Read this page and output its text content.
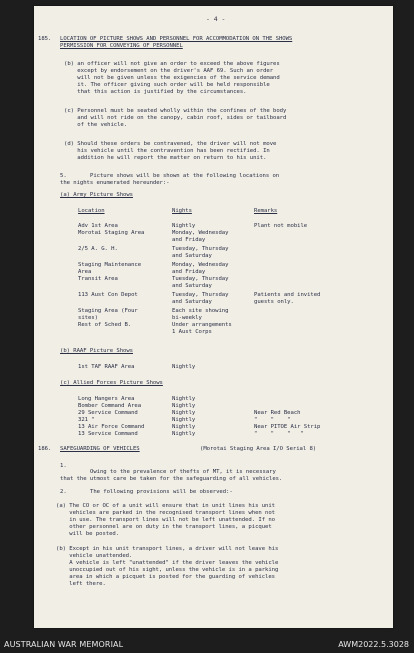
- 4 -

185. LOCATION OF PICTURE SHOWS AND PERSONNEL FOR ACCOMMODATION ON THE SHOWS

PERMISSION FOR CONVEYING OF PERSONNEL

(b) an officer will not give an order to exceed the above figures

except by endorsement on the driver's AAF 69. Such an order

will not be given unless the exigencies of the service demand

it. The officer giving such order will be held responsible

that this action is justified by the circumstances.

(c) Personnel must be seated wholly within the confines of the body

and will not ride on the canopy, cabin roof, sides or tailboard

of the vehicle.

(d) Should these orders be contravened, the driver will not move

his vehicle until the contravention has been rectified. In

addition he will report the matter on return to his unit.

5.	Picture shows will be shown at the following locations on

the nights enumerated hereunder:-

(a) Army Picture Shows

Location	Nights	Remarks

Adv 1st Area	Nightly	Plant not mobile

Morotai Staging Area	Monday, Wednesday

and Friday

2/5 A. G. H.	Tuesday, Thursday

and Saturday

Staging Maintenance	Monday, Wednesday

Area	and Friday

Transit Area	Tuesday, Thursday

and Saturday

113 Aust Con Depot	Tuesday, Thursday	Patients and invited

and Saturday	guests only.

Staging Area (Four	Each site showing

sites)	bi-weekly

Rest of Sched B.	Under arrangements

1 Aust Corps

(b) RAAF Picture Shows

1st TAF RAAF Area	Nightly

(c) Allied Forces Picture Shows

Long Hangers Area	Nightly

Bomber Command Area	Nightly

29 Service Command	Nightly	Near Red Beach

321 "	Nightly	"    "    "

13 Air Force Command	Nightly	Near PITOE Air Strip

13 Service Command	Nightly	"    "    "   "

186. SAFEGUARDING OF VEHICLES	(Morotai Staging Area I/O Serial 8)

1.

Owing to the prevalence of thefts of MT, it is necessary

that the utmost care be taken for the safeguarding of all vehicles.

2.	The following provisions will be observed:-

(a) The CO or OC of a unit will ensure that in unit lines his unit

vehicles are parked in the recognised transport lines when not

in use. The transport lines will not be left unattended. If no

other personnel are on duty in the transport lines, a picquet

will be posted.

(b) Except in his unit transport lines, a driver will not leave his

vehicle unattended.

A vehicle is left "unattended" if the driver leaves the vehicle

unoccupied out of his sight, unless the vehicle is in a parking

area in which a picquet is posted for the guarding of vehicles

left there.

AUSTRALIAN WAR MEMORIAL	AWM2022.5.3028
